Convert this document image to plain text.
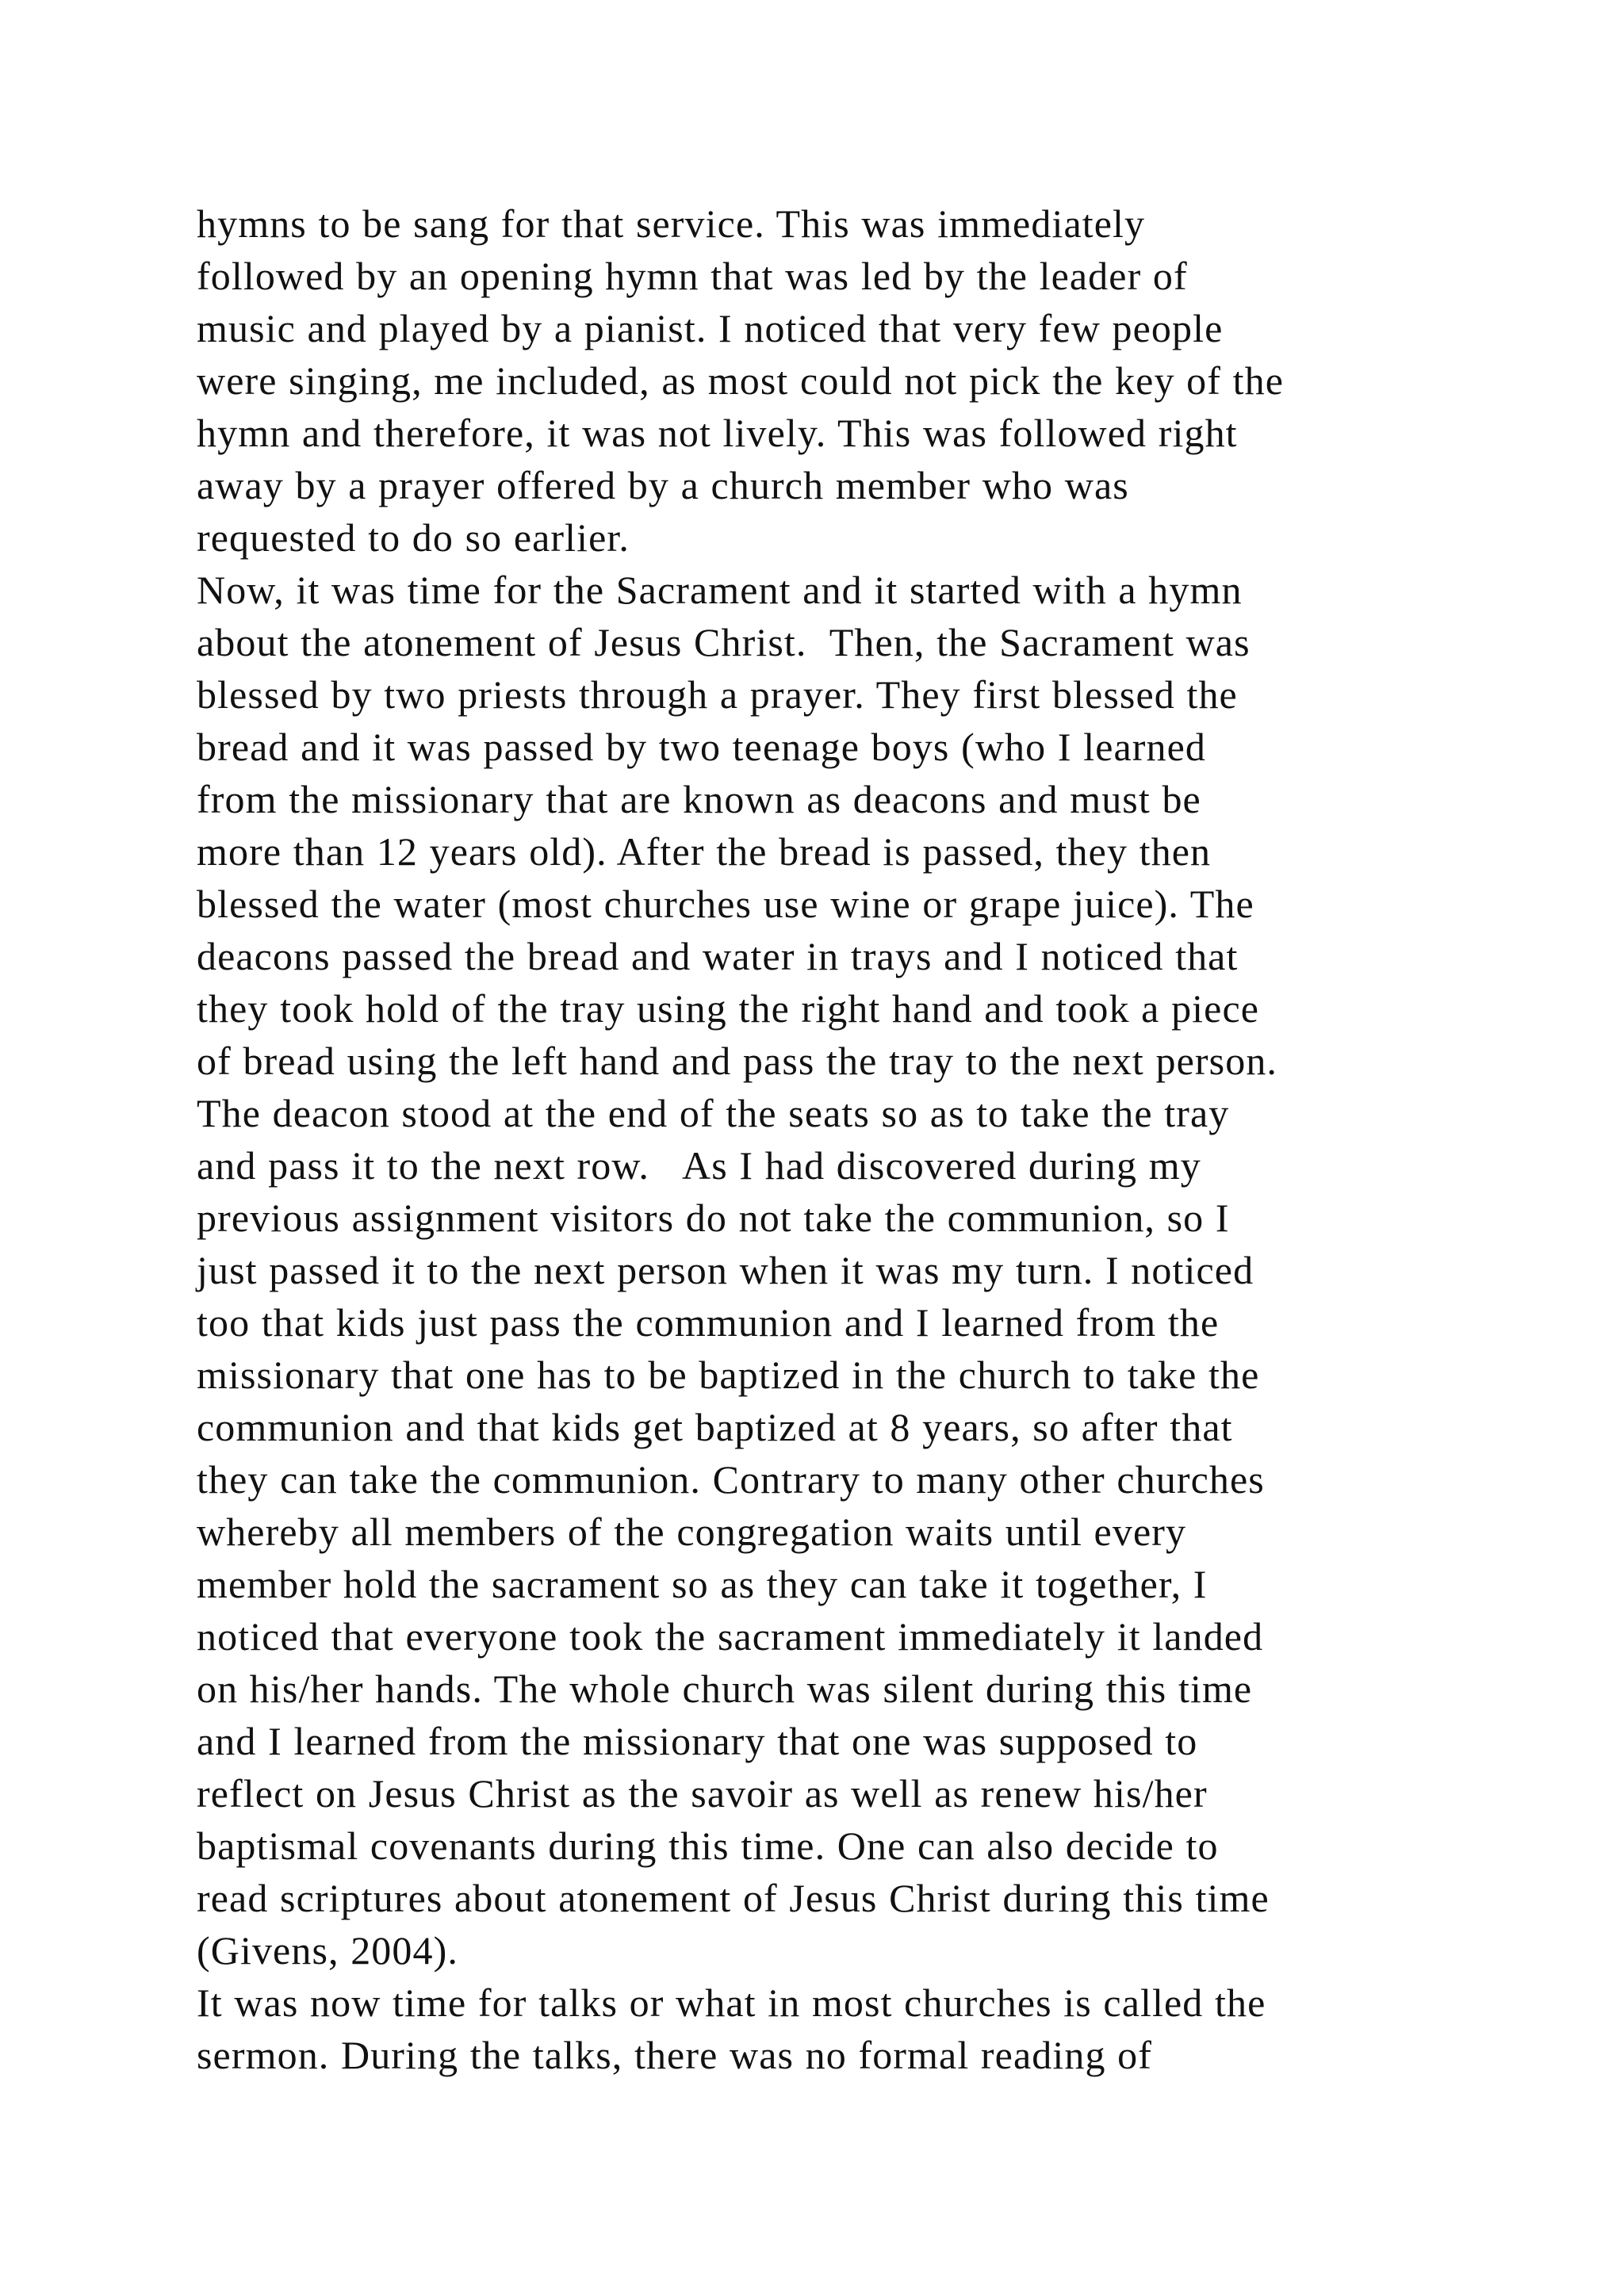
hymns to be sang for that service. This was immediately
followed by an opening hymn that was led by the leader of
music and played by a pianist. I noticed that very few people
were singing, me included, as most could not pick the key of the
hymn and therefore, it was not lively. This was followed right
away by a prayer offered by a church member who was
requested to do so earlier.
Now, it was time for the Sacrament and it started with a hymn
about the atonement of Jesus Christ.  Then, the Sacrament was
blessed by two priests through a prayer. They first blessed the
bread and it was passed by two teenage boys (who I learned
from the missionary that are known as deacons and must be
more than 12 years old). After the bread is passed, they then
blessed the water (most churches use wine or grape juice). The
deacons passed the bread and water in trays and I noticed that
they took hold of the tray using the right hand and took a piece
of bread using the left hand and pass the tray to the next person.
The deacon stood at the end of the seats so as to take the tray
and pass it to the next row.   As I had discovered during my
previous assignment visitors do not take the communion, so I
just passed it to the next person when it was my turn. I noticed
too that kids just pass the communion and I learned from the
missionary that one has to be baptized in the church to take the
communion and that kids get baptized at 8 years, so after that
they can take the communion. Contrary to many other churches
whereby all members of the congregation waits until every
member hold the sacrament so as they can take it together, I
noticed that everyone took the sacrament immediately it landed
on his/her hands. The whole church was silent during this time
and I learned from the missionary that one was supposed to
reflect on Jesus Christ as the savoir as well as renew his/her
baptismal covenants during this time. One can also decide to
read scriptures about atonement of Jesus Christ during this time
(Givens, 2004).
It was now time for talks or what in most churches is called the
sermon. During the talks, there was no formal reading of
